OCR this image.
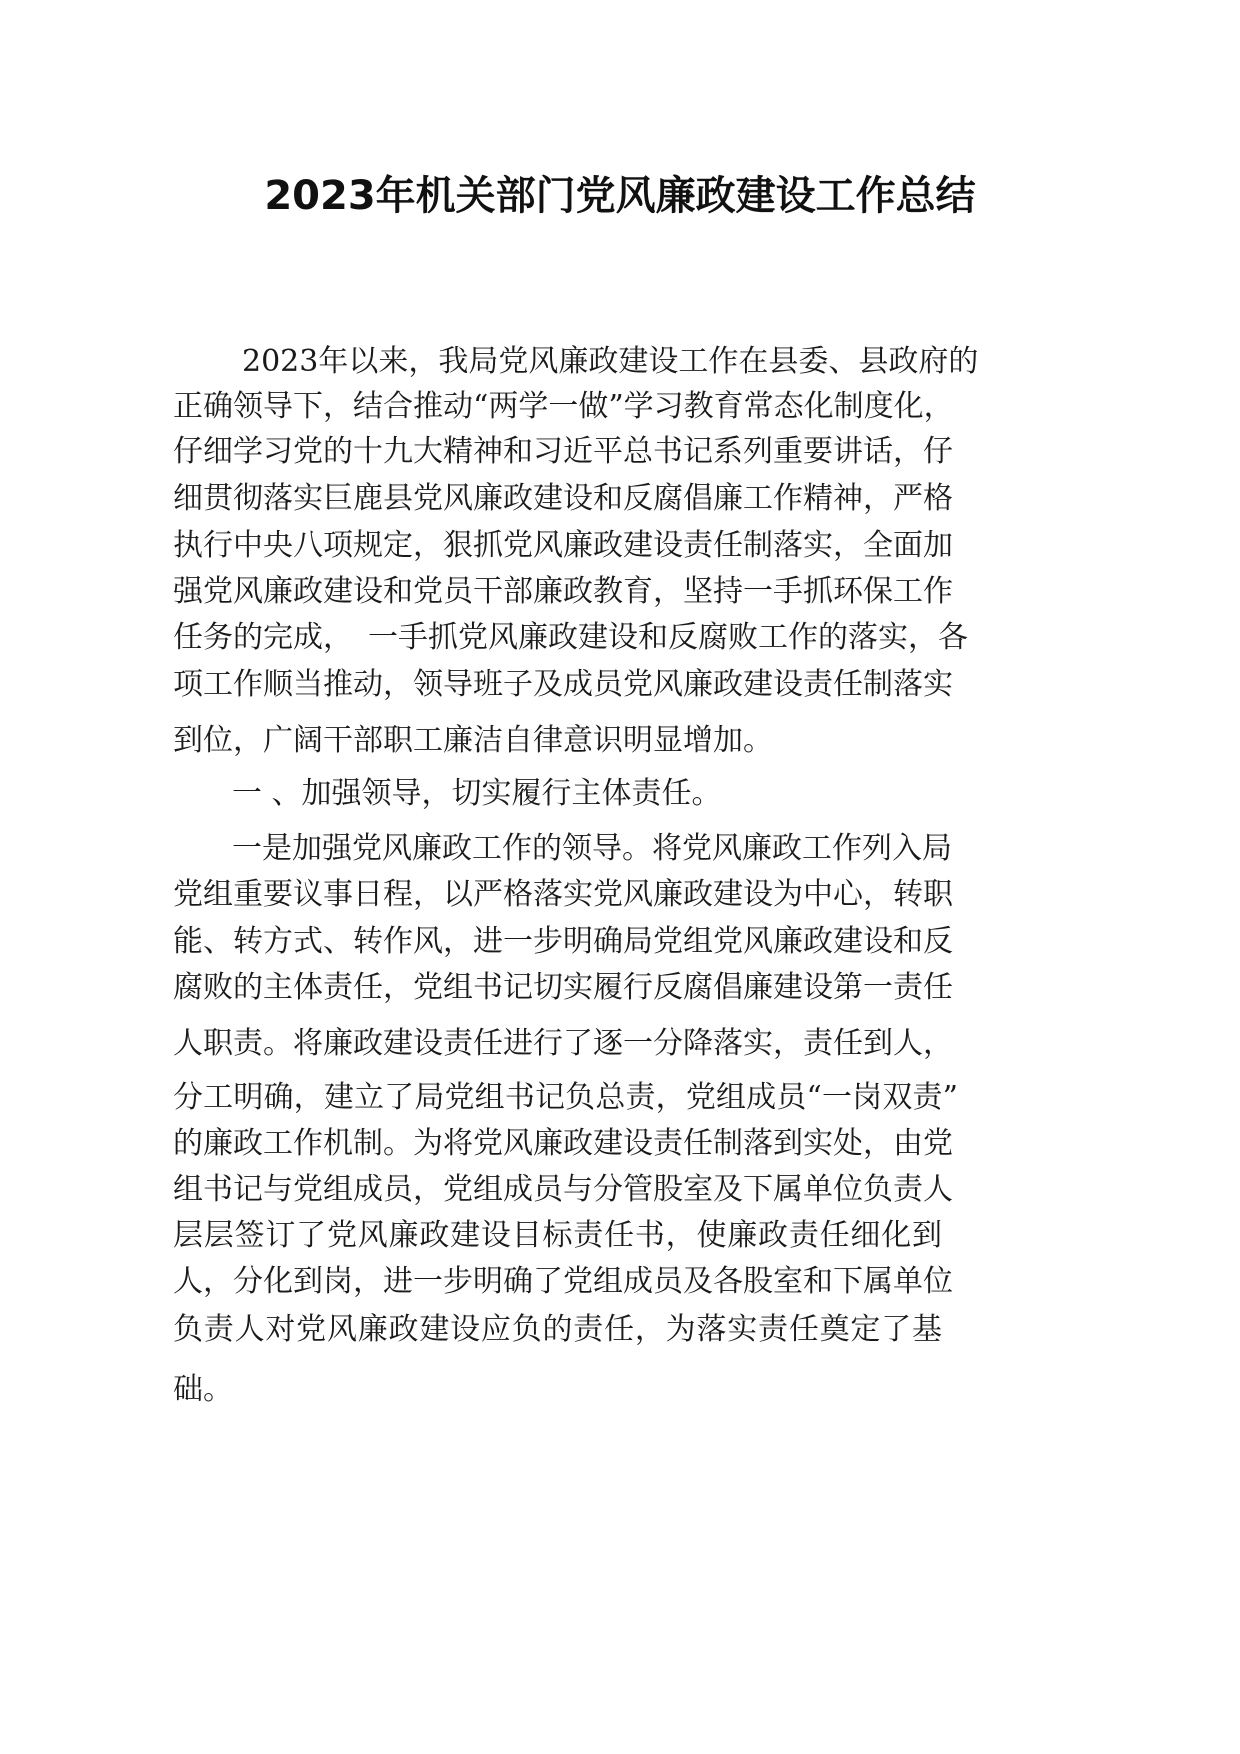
2023年机关部门党风廉政建设工作总结
2023年以来，我局党风廉政建设工作在县委、县政府的
正确领导下，结合推动“两学一做”学习教育常态化制度化，
仔细学习党的十九大精神和习近平总书记系列重要讲话，仔
细贯彻落实巨鹿县党风廉政建设和反腐倡廉工作精神，严格
执行中央八项规定，狠抓党风廉政建设责任制落实，全面加
强党风廉政建设和党员干部廉政教育，坚持一手抓环保工作
任务的完成，　一手抓党风廉政建设和反腐败工作的落实，各
项工作顺当推动，领导班子及成员党风廉政建设责任制落实
到位，广阔干部职工廉洁自律意识明显增加。
一 、加强领导，切实履行主体责任。
一是加强党风廉政工作的领导。将党风廉政工作列入局
党组重要议事日程，以严格落实党风廉政建设为中心，转职
能、转方式、转作风，进一步明确局党组党风廉政建设和反
腐败的主体责任，党组书记切实履行反腐倡廉建设第一责任
人职责。将廉政建设责任进行了逐一分降落实，责任到人，
分工明确，建立了局党组书记负总责，党组成员“一岗双责”
的廉政工作机制。为将党风廉政建设责任制落到实处，由党
组书记与党组成员，党组成员与分管股室及下属单位负责人
层层签订了党风廉政建设目标责任书，使廉政责任细化到
人，分化到岗，进一步明确了党组成员及各股室和下属单位
负责人对党风廉政建设应负的责任，为落实责任奠定了基
础。
